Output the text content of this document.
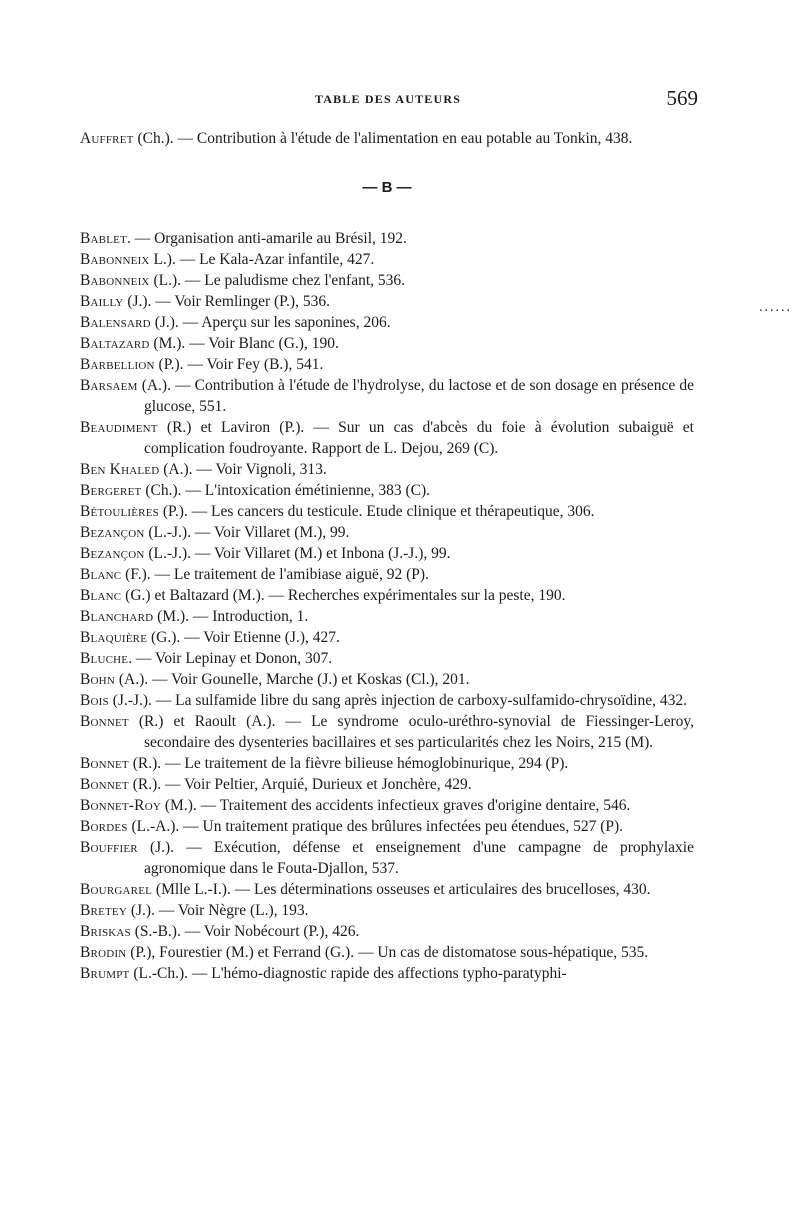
TABLE DES AUTEURS	569
......
Auffret (Ch.). — Contribution à l'étude de l'alimentation en eau potable au Tonkin, 438.
— B —
Bablet. — Organisation anti-amarile au Brésil, 192.
Babonneix L.). — Le Kala-Azar infantile, 427.
Babonneix (L.). — Le paludisme chez l'enfant, 536.
Bailly (J.). — Voir Remlinger (P.), 536.
Balensard (J.). — Aperçu sur les saponines, 206.
Baltazard (M.). — Voir Blanc (G.), 190.
Barbellion (P.). — Voir Fey (B.), 541.
Barsaem (A.). — Contribution à l'étude de l'hydrolyse, du lactose et de son dosage en présence de glucose, 551.
Beaudiment (R.) et Laviron (P.). — Sur un cas d'abcès du foie à évolution subaiguë et complication foudroyante. Rapport de L. Dejou, 269 (C).
Ben Khaled (A.). — Voir Vignoli, 313.
Bergeret (Ch.). — L'intoxication émétinienne, 383 (C).
Bétoulières (P.). — Les cancers du testicule. Etude clinique et thérapeutique, 306.
Bezançon (L.-J.). — Voir Villaret (M.), 99.
Bezançon (L.-J.). — Voir Villaret (M.) et Inbona (J.-J.), 99.
Blanc (F.). — Le traitement de l'amibiase aiguë, 92 (P).
Blanc (G.) et Baltazard (M.). — Recherches expérimentales sur la peste, 190.
Blanchard (M.). — Introduction, 1.
Blaquière (G.). — Voir Etienne (J.), 427.
Bluche. — Voir Lepinay et Donon, 307.
Bohn (A.). — Voir Gounelle, Marche (J.) et Koskas (Cl.), 201.
Bois (J.-J.). — La sulfamide libre du sang après injection de carboxy-sulfamido-chrysoïdine, 432.
Bonnet (R.) et Raoult (A.). — Le syndrome oculo-uréthro-synovial de Fiessinger-Leroy, secondaire des dysenteries bacillaires et ses particularités chez les Noirs, 215 (M).
Bonnet (R.). — Le traitement de la fièvre bilieuse hémoglobinurique, 294 (P).
Bonnet (R.). — Voir Peltier, Arquié, Durieux et Jonchère, 429.
Bonnet-Roy (M.). — Traitement des accidents infectieux graves d'origine dentaire, 546.
Bordes (L.-A.). — Un traitement pratique des brûlures infectées peu étendues, 527 (P).
Bouffier (J.). — Exécution, défense et enseignement d'une campagne de prophylaxie agronomique dans le Fouta-Djallon, 537.
Bourgarel (Mlle L.-I.). — Les déterminations osseuses et articulaires des brucelloses, 430.
Bretey (J.). — Voir Nègre (L.), 193.
Briskas (S.-B.). — Voir Nobécourt (P.), 426.
Brodin (P.), Fourestier (M.) et Ferrand (G.). — Un cas de distomatose sous-hépatique, 535.
Brumpt (L.-Ch.). — L'hémo-diagnostic rapide des affections typho-paratyphi-
